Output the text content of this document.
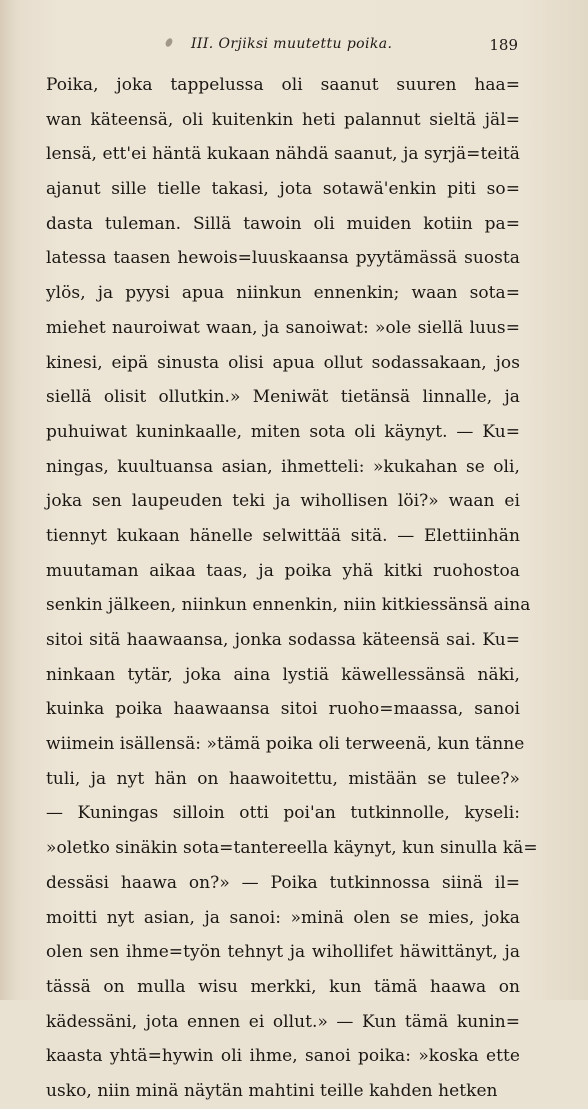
III. Orjiksi muutettu poika.	189
Poika, joka tappelussa oli saanut suuren haa=
wan käteensä, oli kuitenkin heti palannut sieltä jäl=
lensä, ett'ei häntä kukaan nähdä saanut, ja syrjä=teitä
ajanut sille tielle takasi, jota sotawä'enkin piti so=
dasta tuleman. Sillä tawoin oli muiden kotiin pa=
latessa taasen hewois=luuskaansa pyytämässä suosta
ylös, ja pyysi apua niinkun ennenkin; waan sota=
miehet nauroiwat waan, ja sanoiwat: »ole siellä luus=
kinesi, eipä sinusta olisi apua ollut sodassakaan, jos
siellä olisit ollutkin.» Meniwät tietänsä linnalle, ja
puhuiwat kuninkaalle, miten sota oli käynyt. — Ku=
ningas, kuultuansa asian, ihmetteli: »kukahan se oli,
joka sen laupeuden teki ja wihollisen löi?» waan ei
tiennyt kukaan hänelle selwittää sitä. — Elettiinhän
muutaman aikaa taas, ja poika yhä kitki ruohostoa
senkin jälkeen, niinkun ennenkin, niin kitkiessänsä aina
sitoi sitä haawaansa, jonka sodassa käteensä sai. Ku=
ninkaan tytär, joka aina lystiä käwellessänsä näki,
kuinka poika haawaansa sitoi ruoho=maassa, sanoi
wiimein isällensä: »tämä poika oli terweenä, kun tänne
tuli, ja nyt hän on haawoitettu, mistään se tulee?»
— Kuningas silloin otti poi'an tutkinnolle, kyseli:
»oletko sinäkin sota=tantereella käynyt, kun sinulla kä=
dessäsi haawa on?» — Poika tutkinnossa siinä il=
moitti nyt asian, ja sanoi: »minä olen se mies, joka
olen sen ihme=työn tehnyt ja wihollifet häwittänyt, ja
tässä on mulla wisu merkki, kun tämä haawa on
kädessäni, jota ennen ei ollut.» — Kun tämä kunin=
kaasta yhtä=hywin oli ihme, sanoi poika: »koska ette
usko, niin minä näytän mahtini teille kahden hetken
